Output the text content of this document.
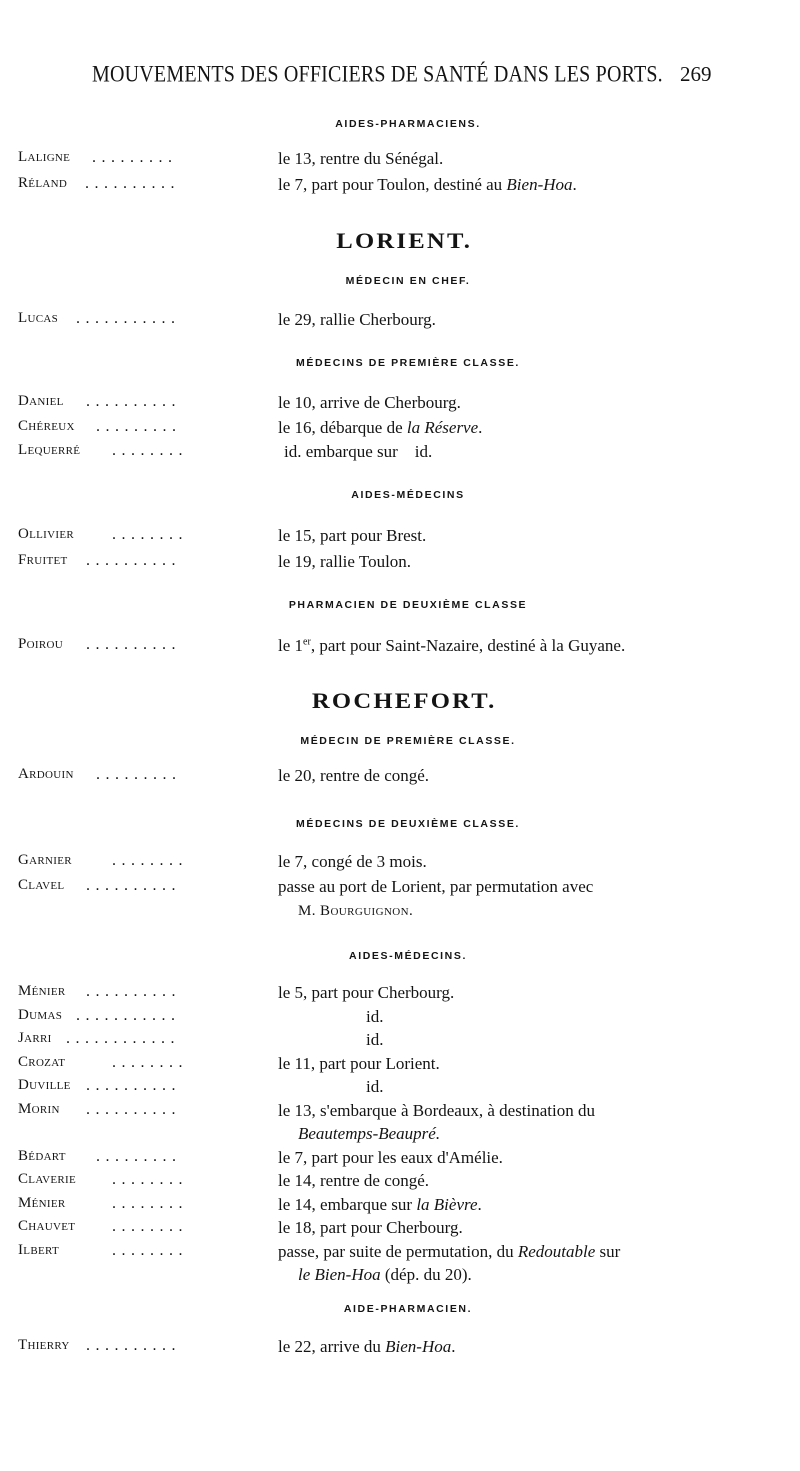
MOUVEMENTS DES OFFICIERS DE SANTÉ DANS LES PORTS. 269
AIDES-PHARMACIENS.
Laligne .........	le 13, rentre du Sénégal.
Réland ..........	le 7, part pour Toulon, destiné au Bien-Hoa.
LORIENT.
MÉDECIN EN CHEF.
Lucas ...........	le 29, rallie Cherbourg.
MÉDECINS DE PREMIÈRE CLASSE.
Daniel ..........	le 10, arrive de Cherbourg.
Chéreux .........	le 16, débarque de la Réserve.
Lequerré ........	id. embarque sur    id.
AIDES-MÉDECINS
Ollivier ........	le 15, part pour Brest.
Fruitet ..........	le 19, rallie Toulon.
PHARMACIEN DE DEUXIÈME CLASSE
Poirou ..........	le 1er, part pour Saint-Nazaire, destiné à la Guyane.
ROCHEFORT.
MÉDECIN DE PREMIÈRE CLASSE.
Ardouin .........	le 20, rentre de congé.
MÉDECINS DE DEUXIÈME CLASSE.
Garnier	........	le 7, congé de 3 mois.
Clavel ..........	passe au port de Lorient, par permutation avec
M. Bourguignon.
AIDES-MÉDECINS.
Ménier ..........	le 5, part pour Cherbourg.
Dumas ...........	id.
Jarri ............	id.
Crozat	........	le 11, part pour Lorient.
Duville ..........	id.
Morin ..........	le 13, s'embarque à Bordeaux, à destination du
Beautemps-Beaupré.
Bédart .........	le 7, part pour les eaux d'Amélie.
Claverie ........	le 14, rentre de congé.
Ménier	........	le 14, embarque sur la Bièvre.
Chauvet ........	le 18, part pour Cherbourg.
Ilbert	........	passe, par suite de permutation, du Redoutable sur
le Bien-Hoa (dép. du 20).
AIDE-PHARMACIEN.
Thierry ..........	le 22, arrive du Bien-Hoa.
